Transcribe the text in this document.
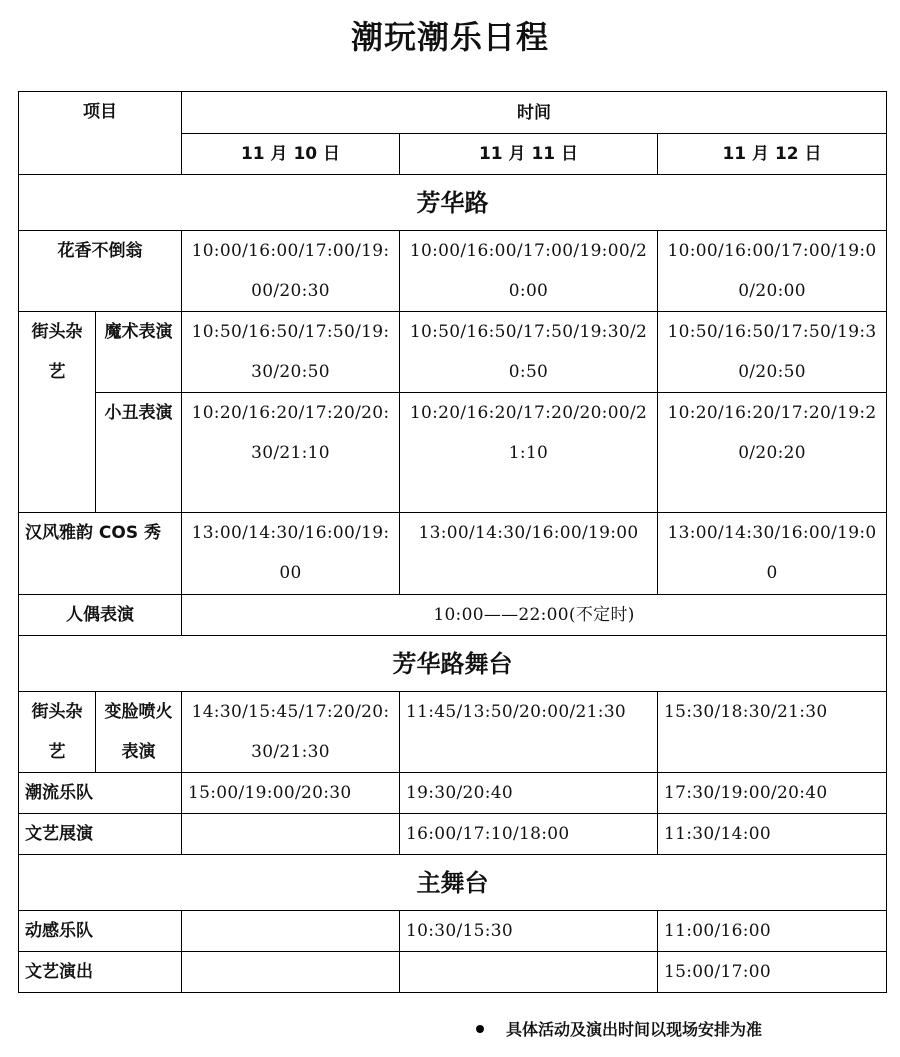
潮玩潮乐日程
项目		时间		
		11 月 10 日	11 月 11 日	11 月 12 日
芳华路				
花香不倒翁		10:00/16:00/17:00/19:00/20:30	10:00/16:00/17:00/19:00/20:00	10:00/16:00/17:00/19:00/20:00
街头杂艺	魔术表演	10:50/16:50/17:50/19:30/20:50	10:50/16:50/17:50/19:30/20:50	10:50/16:50/17:50/19:30/20:50
	小丑表演	10:20/16:20/17:20/20:30/21:10	10:20/16:20/17:20/20:00/21:10	10:20/16:20/17:20/19:20/20:20
汉风雅韵 COS 秀		13:00/14:30/16:00/19:00	13:00/14:30/16:00/19:00	13:00/14:30/16:00/19:00
人偶表演		10:00——22:00(不定时)		
芳华路舞台				
街头杂艺	变脸喷火表演	14:30/15:45/17:20/20:30/21:30	11:45/13:50/20:00/21:30	15:30/18:30/21:30
潮流乐队		15:00/19:00/20:30	19:30/20:40	17:30/19:00/20:40
文艺展演			16:00/17:10/18:00	11:30/14:00
主舞台				
动感乐队			10:30/15:30	11:00/16:00
文艺演出				15:00/17:00
具体活动及演出时间以现场安排为准
